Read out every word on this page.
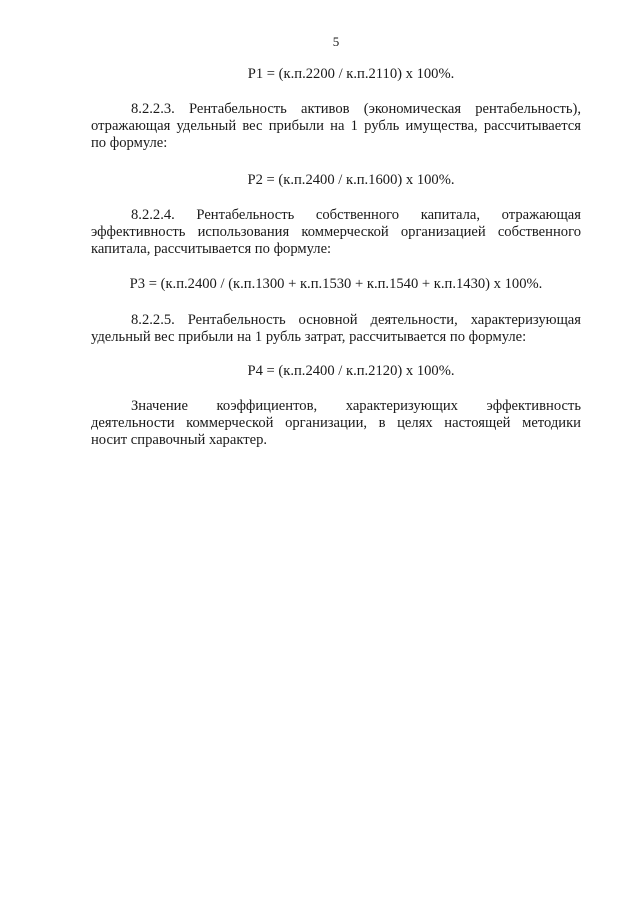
5
P1 = (к.п.2200 / к.п.2110) х 100%.
8.2.2.3. Рентабельность активов (экономическая рентабельность),
отражающая удельный вес прибыли на 1 рубль имущества, рассчитывается
по формуле:
P2 = (к.п.2400 / к.п.1600) х 100%.
8.2.2.4. Рентабельность собственного капитала, отражающая
эффективность использования коммерческой организацией собственного
капитала, рассчитывается по формуле:
P3 = (к.п.2400 / (к.п.1300 + к.п.1530 + к.п.1540 + к.п.1430) х 100%.
8.2.2.5. Рентабельность основной деятельности, характеризующая
удельный вес прибыли на 1 рубль затрат, рассчитывается по формуле:
P4 = (к.п.2400 / к.п.2120) х 100%.
Значение коэффициентов, характеризующих эффективность
деятельности коммерческой организации, в целях настоящей методики
носит справочный характер.
